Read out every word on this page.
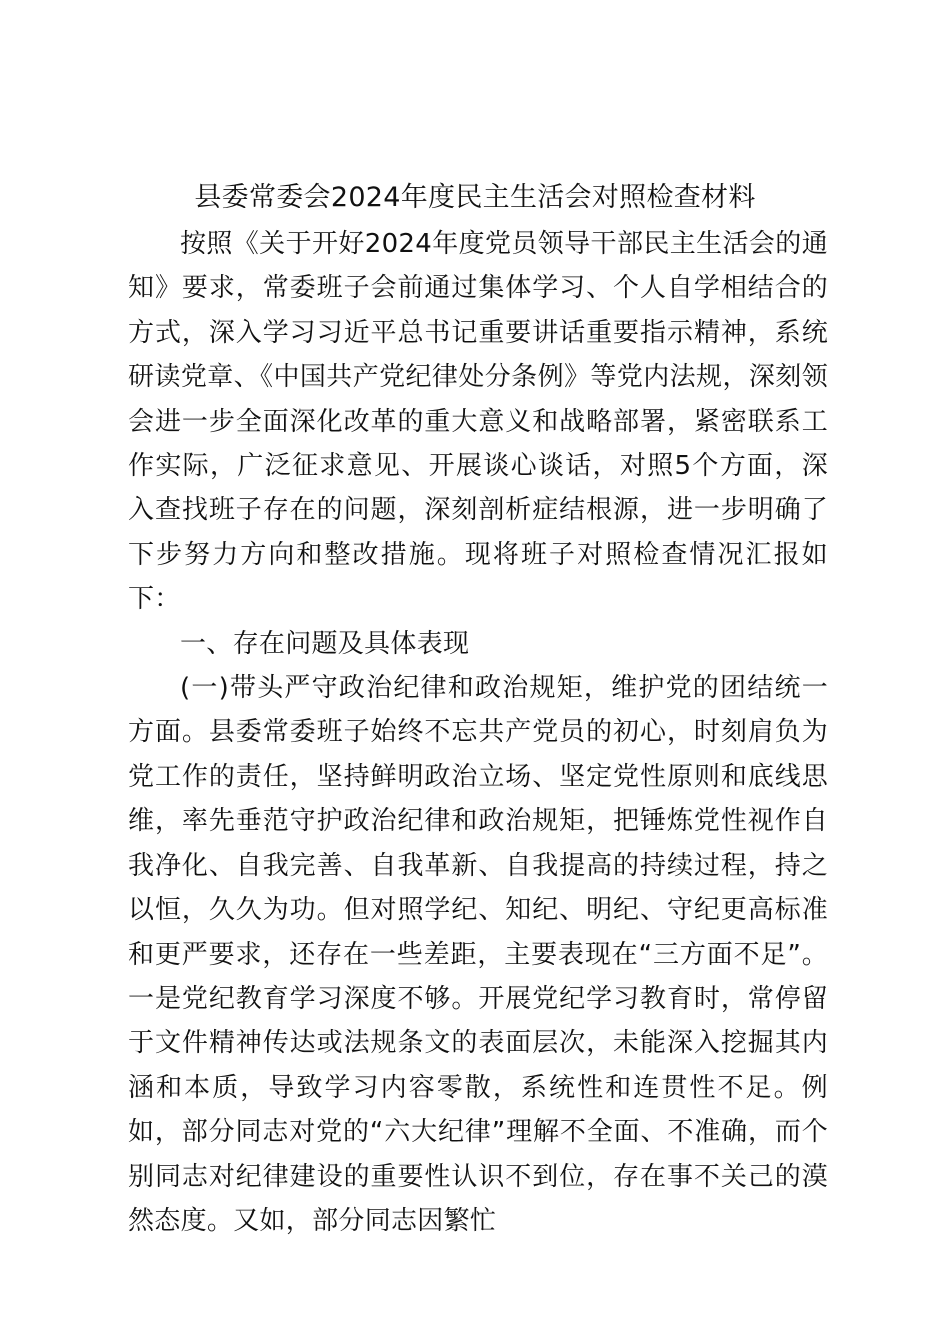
县委常委会2024年度民主生活会对照检查材料

按照《关于开好2024年度党员领导干部民主生活会的通知》要求，常委班子会前通过集体学习、个人自学相结合的方式，深入学习习近平总书记重要讲话重要指示精神，系统研读党章、《中国共产党纪律处分条例》等党内法规，深刻领会进一步全面深化改革的重大意义和战略部署，紧密联系工作实际，广泛征求意见、开展谈心谈话，对照5个方面，深入查找班子存在的问题，深刻剖析症结根源，进一步明确了下步努力方向和整改措施。现将班子对照检查情况汇报如下：

一、存在问题及具体表现

(一)带头严守政治纪律和政治规矩，维护党的团结统一方面。县委常委班子始终不忘共产党员的初心，时刻肩负为党工作的责任，坚持鲜明政治立场、坚定党性原则和底线思维，率先垂范守护政治纪律和政治规矩，把锤炼党性视作自我净化、自我完善、自我革新、自我提高的持续过程，持之以恒，久久为功。但对照学纪、知纪、明纪、守纪更高标准和更严要求，还存在一些差距，主要表现在“三方面不足”。一是党纪教育学习深度不够。开展党纪学习教育时，常停留于文件精神传达或法规条文的表面层次，未能深入挖掘其内涵和本质，导致学习内容零散，系统性和连贯性不足。例如，部分同志对党的“六大纪律”理解不全面、不准确，而个别同志对纪律建设的重要性认识不到位，存在事不关己的漠然态度。又如，部分同志因繁忙
